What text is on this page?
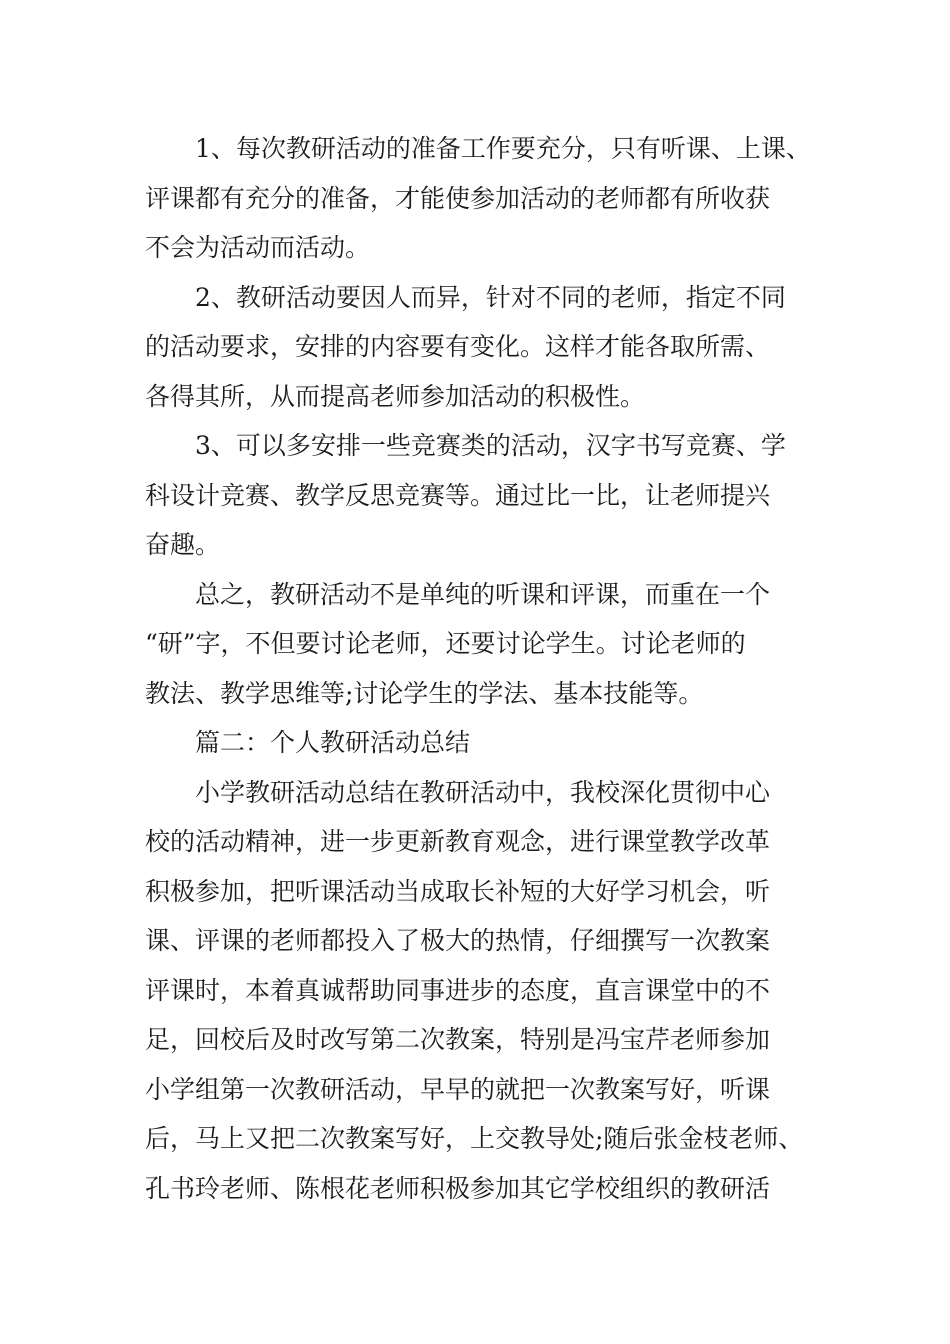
1、每次教研活动的准备工作要充分，只有听课、上课、
评课都有充分的准备，才能使参加活动的老师都有所收获
不会为活动而活动。
2、教研活动要因人而异，针对不同的老师，指定不同
的活动要求，安排的内容要有变化。这样才能各取所需、
各得其所，从而提高老师参加活动的积极性。
3、可以多安排一些竞赛类的活动，汉字书写竞赛、学
科设计竞赛、教学反思竞赛等。通过比一比，让老师提兴
奋趣。
总之，教研活动不是单纯的听课和评课，而重在一个
“研”字，不但要讨论老师，还要讨论学生。讨论老师的
教法、教学思维等;讨论学生的学法、基本技能等。
篇二：个人教研活动总结
小学教研活动总结在教研活动中，我校深化贯彻中心
校的活动精神，进一步更新教育观念，进行课堂教学改革
积极参加，把听课活动当成取长补短的大好学习机会，听
课、评课的老师都投入了极大的热情，仔细撰写一次教案
评课时，本着真诚帮助同事进步的态度，直言课堂中的不
足，回校后及时改写第二次教案，特别是冯宝芹老师参加
小学组第一次教研活动，早早的就把一次教案写好，听课
后，马上又把二次教案写好，上交教导处;随后张金枝老师、
孔书玲老师、陈根花老师积极参加其它学校组织的教研活
